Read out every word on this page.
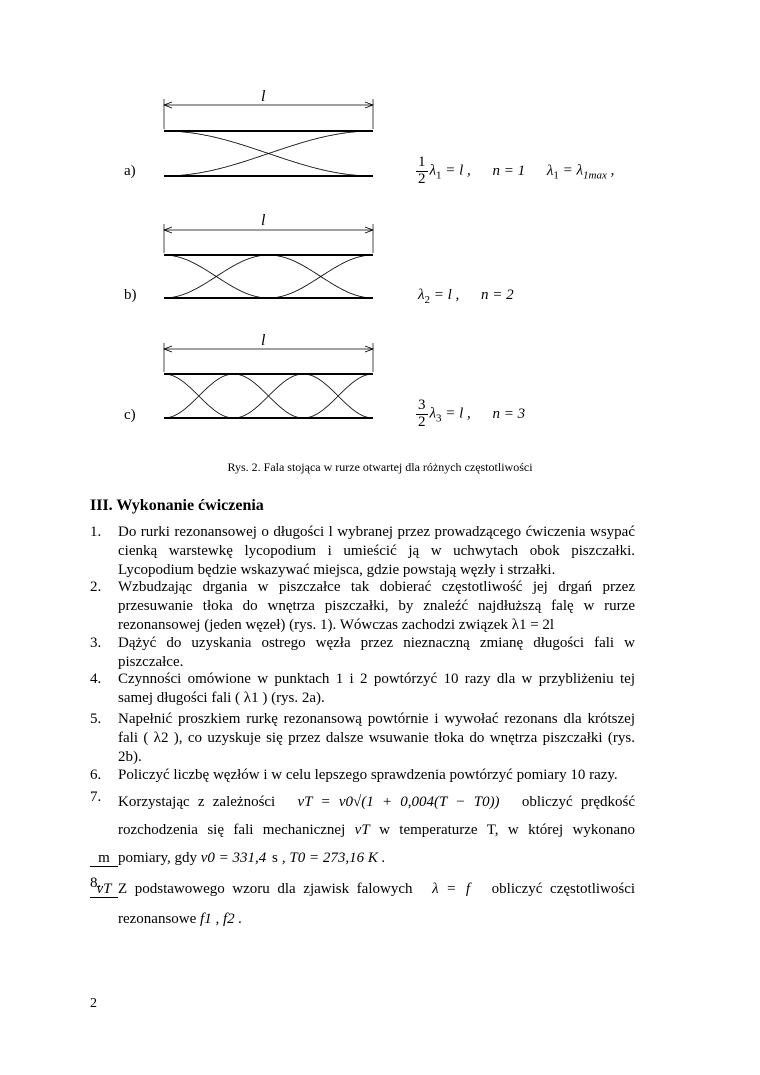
a)
b)
c)
l
l
l
$\frac{1}{2} \lambda_1 = l$ , n = 1 $\lambda_1 = \lambda_{1max}$ ,
$\lambda_2 = l$ , n = 2
$\frac{3}{2} \lambda_3 = l$ , n = 3
Rys. 2. Fala stojąca w rurze otwartej dla różnych częstotliwości
III. Wykonanie ćwiczenia
1.	Do rurki rezonansowej o długości l wybranej przez prowadzącego ćwiczenia wsypać cienką warstewkę lycopodium i umieścić ją w uchwytach obok piszczałki. Lycopodium będzie wskazywać miejsca, gdzie powstają węzły i strzałki.
2.	Wzbudzając drgania w piszczałce tak dobierać częstotliwość jej drgań przez przesuwanie tłoka do wnętrza piszczałki, by znaleźć najdłuższą falę w rurze rezonansowej (jeden węzeł) (rys. 1). Wówczas zachodzi związek λ1 = 2l
3.	Dążyć do uzyskania ostrego węzła przez nieznaczną zmianę długości fali w piszczałce.
4.	Czynności omówione w punktach 1 i 2 powtórzyć 10 razy dla w przybliżeniu tej samej długości fali ( λ1 ) (rys. 2a).
5.	Napełnić proszkiem rurkę rezonansową powtórnie i wywołać rezonans dla krótszej fali ( λ2 ), co uzyskuje się przez dalsze wsuwanie tłoka do wnętrza piszczałki (rys. 2b).
6.	Policzyć liczbę węzłów i w celu lepszego sprawdzenia powtórzyć pomiary 10 razy.
7.	Korzystając z zależności vT = v0√(1 + 0,004(T − T0)) obliczyć prędkość rozchodzenia się fali mechanicznej vT w temperaturze T, w której wykonano pomiary, gdy v0 = 331,4
m	s , T0 = 273,16 K .
8.	Z podstawowego wzoru dla zjawisk falowych λ =
vT	f obliczyć częstotliwości rezonansowe f1 , f2 .
2
